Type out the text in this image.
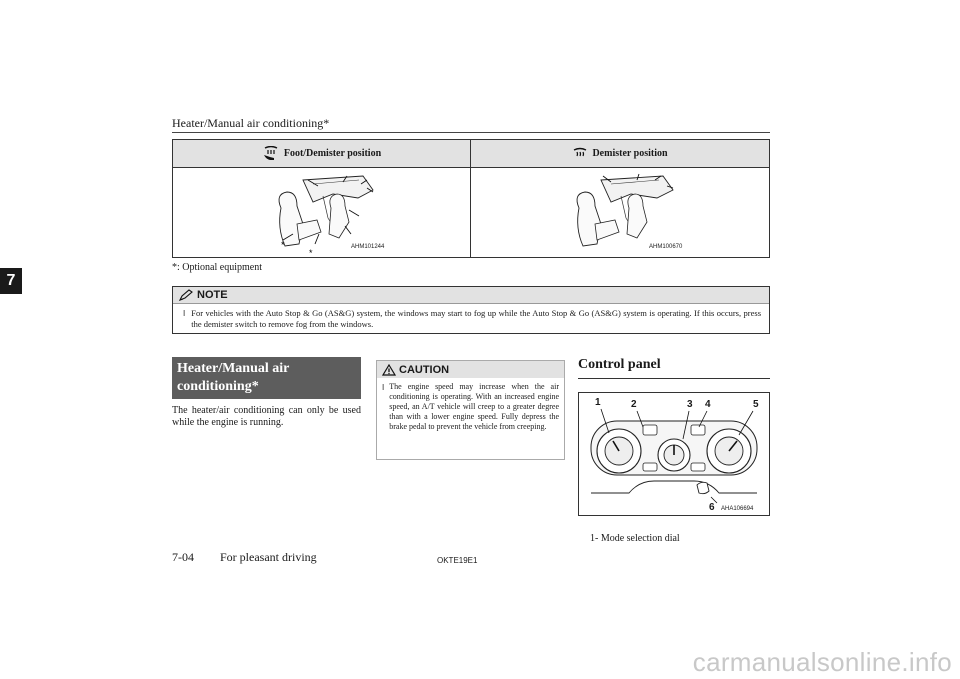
Heater/Manual air conditioning*
7
Foot/Demister position	Demister position
*
*
AHM101244	AHM100670
*: Optional equipment
NOTE
l For vehicles with the Auto Stop & Go (AS&G) system, the windows may start to fog up while the Auto Stop & Go (AS&G) system is operating. If this occurs, press the demister switch to remove fog from the windows.
Heater/Manual air conditioning*
The heater/air conditioning can only be used while the engine is running.
CAUTION
l The engine speed may increase when the air conditioning is operating. With an increased engine speed, an A/T vehicle will creep to a greater degree than with a lower engine speed. Fully depress the brake pedal to prevent the vehicle from creeping.
Control panel
1	2	3 4	5
6 AHA106694
1- Mode selection dial
7-04 For pleasant driving	OKTE19E1
carmanualsonline.info
